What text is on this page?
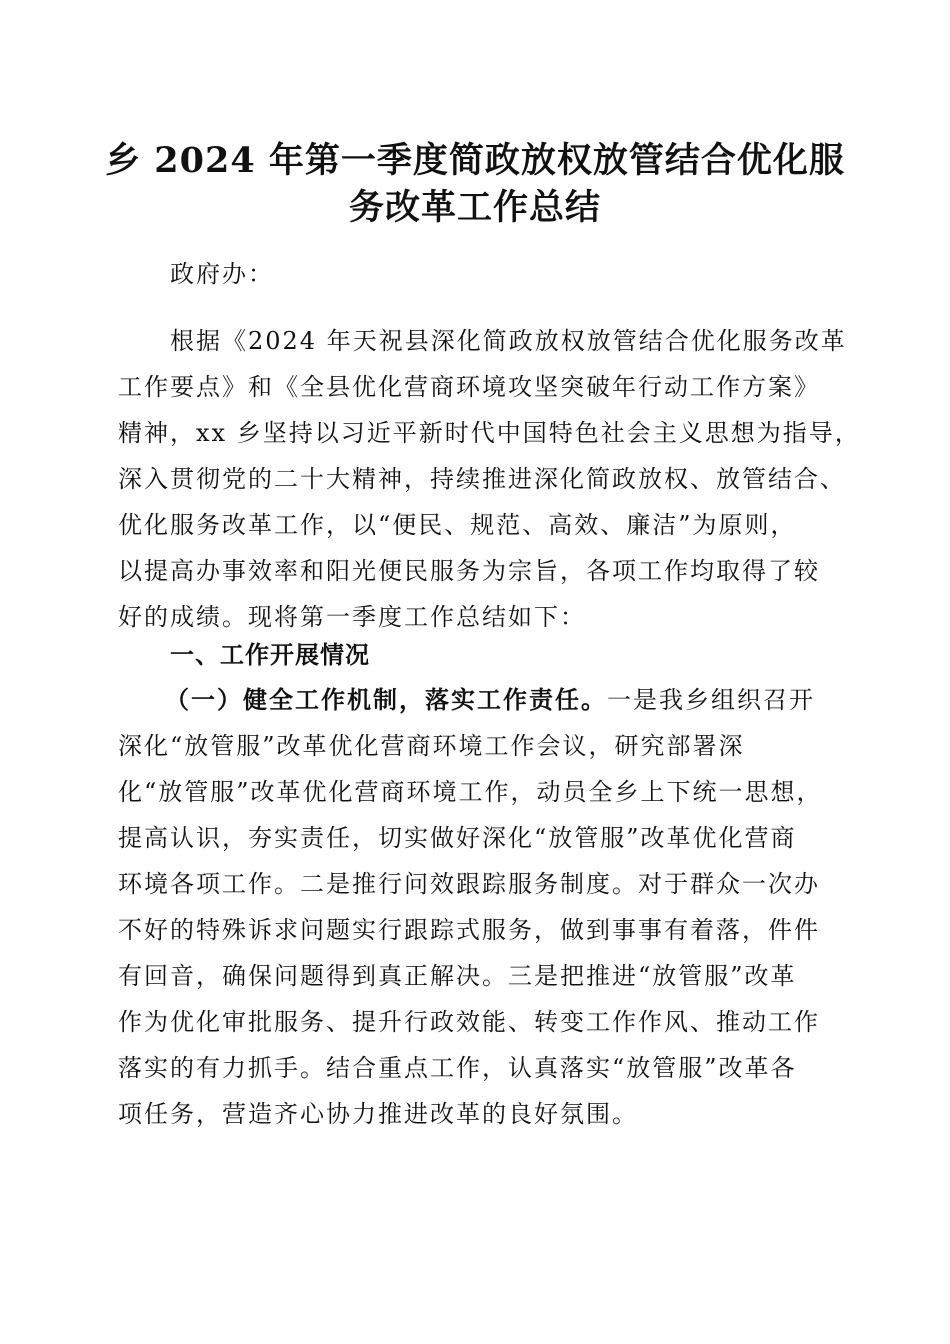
乡 2024 年第一季度简政放权放管结合优化服
务改革工作总结
政府办：
根据《2024 年天祝县深化简政放权放管结合优化服务改革
工作要点》和《全县优化营商环境攻坚突破年行动工作方案》
精神，xx 乡坚持以习近平新时代中国特色社会主义思想为指导，
深入贯彻党的二十大精神，持续推进深化简政放权、放管结合、
优化服务改革工作，以“便民、规范、高效、廉洁”为原则，
以提高办事效率和阳光便民服务为宗旨，各项工作均取得了较
好的成绩。现将第一季度工作总结如下：
一、工作开展情况
（一）健全工作机制，落实工作责任。一是我乡组织召开
深化“放管服”改革优化营商环境工作会议，研究部署深
化“放管服”改革优化营商环境工作，动员全乡上下统一思想，
提高认识，夯实责任，切实做好深化“放管服”改革优化营商
环境各项工作。二是推行问效跟踪服务制度。对于群众一次办
不好的特殊诉求问题实行跟踪式服务，做到事事有着落，件件
有回音，确保问题得到真正解决。三是把推进“放管服”改革
作为优化审批服务、提升行政效能、转变工作作风、推动工作
落实的有力抓手。结合重点工作，认真落实“放管服”改革各
项任务，营造齐心协力推进改革的良好氛围。
